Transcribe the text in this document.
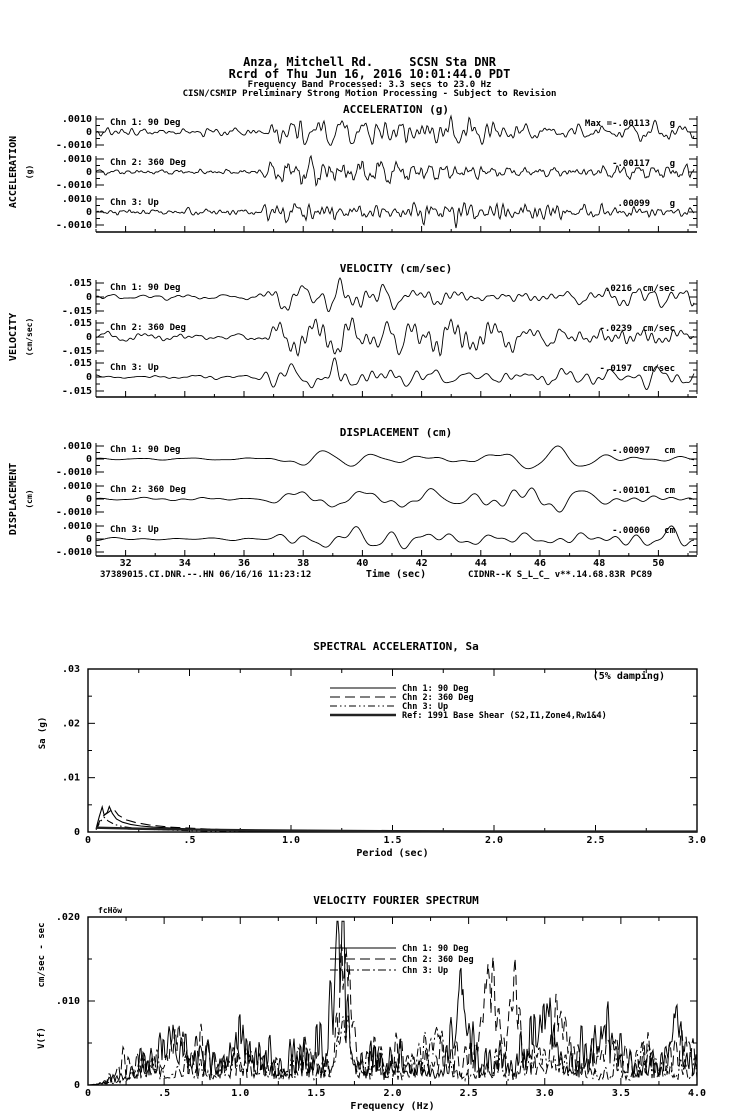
Anza, Mitchell Rd.     SCSN Sta DNR
Rcrd of Thu Jun 16, 2016 10:01:44.0 PDT
Frequency Band Processed: 3.3 secs to 23.0 Hz
CISN/CSMIP Preliminary Strong Motion Processing - Subject to Revision
ACCELERATION (g)
ACCELERATION (g)
.0010
0
-.0010
Chn 1: 90 Deg	Max = -.00113 g
.0010
0
-.0010
Chn 2: 360 Deg	-.00117 g
.0010
0
-.0010
Chn 3: Up	.00099 g
VELOCITY (cm/sec)
VELOCITY (cm/sec)
.015
0
-.015
Chn 1: 90 Deg	.0216 cm/sec
.015
0
-.015
Chn 2: 360 Deg	-.0239 cm/sec
.015
0
-.015
Chn 3: Up	-.0197 cm/sec
DISPLACEMENT (cm)
DISPLACEMENT (cm)
.0010
0
-.0010
Chn 1: 90 Deg	-.00097 cm
.0010
0
-.0010
Chn 2: 360 Deg	-.00101 cm
.0010
0
-.0010
Chn 3: Up	-.00060 cm
32	34	36	38	40	42	44	46	48	50
Time (sec)
37389015.CI.DNR.--.HN 06/16/16 11:23:12	CIDNR--K S_L_C_ v**.14.68.83R PC89
SPECTRAL ACCELERATION, Sa
.03
.02
.01
0
0	.5	1.0	1.5	2.0	2.5	3.0
Period (sec)
Sa (g)
(5% damping)
Chn 1: 90 Deg
Chn 2: 360 Deg
Chn 3: Up
Ref: 1991 Base Shear (S2,I1,Zone4,Rw1&4)
VELOCITY FOURIER SPECTRUM
.020
.010
0
0	.5	1.0	1.5	2.0	2.5	3.0	3.5	4.0
Frequency (Hz)
fcHöw
cm/sec - sec
V(f)
Chn 1: 90 Deg
Chn 2: 360 Deg
Chn 3: Up
